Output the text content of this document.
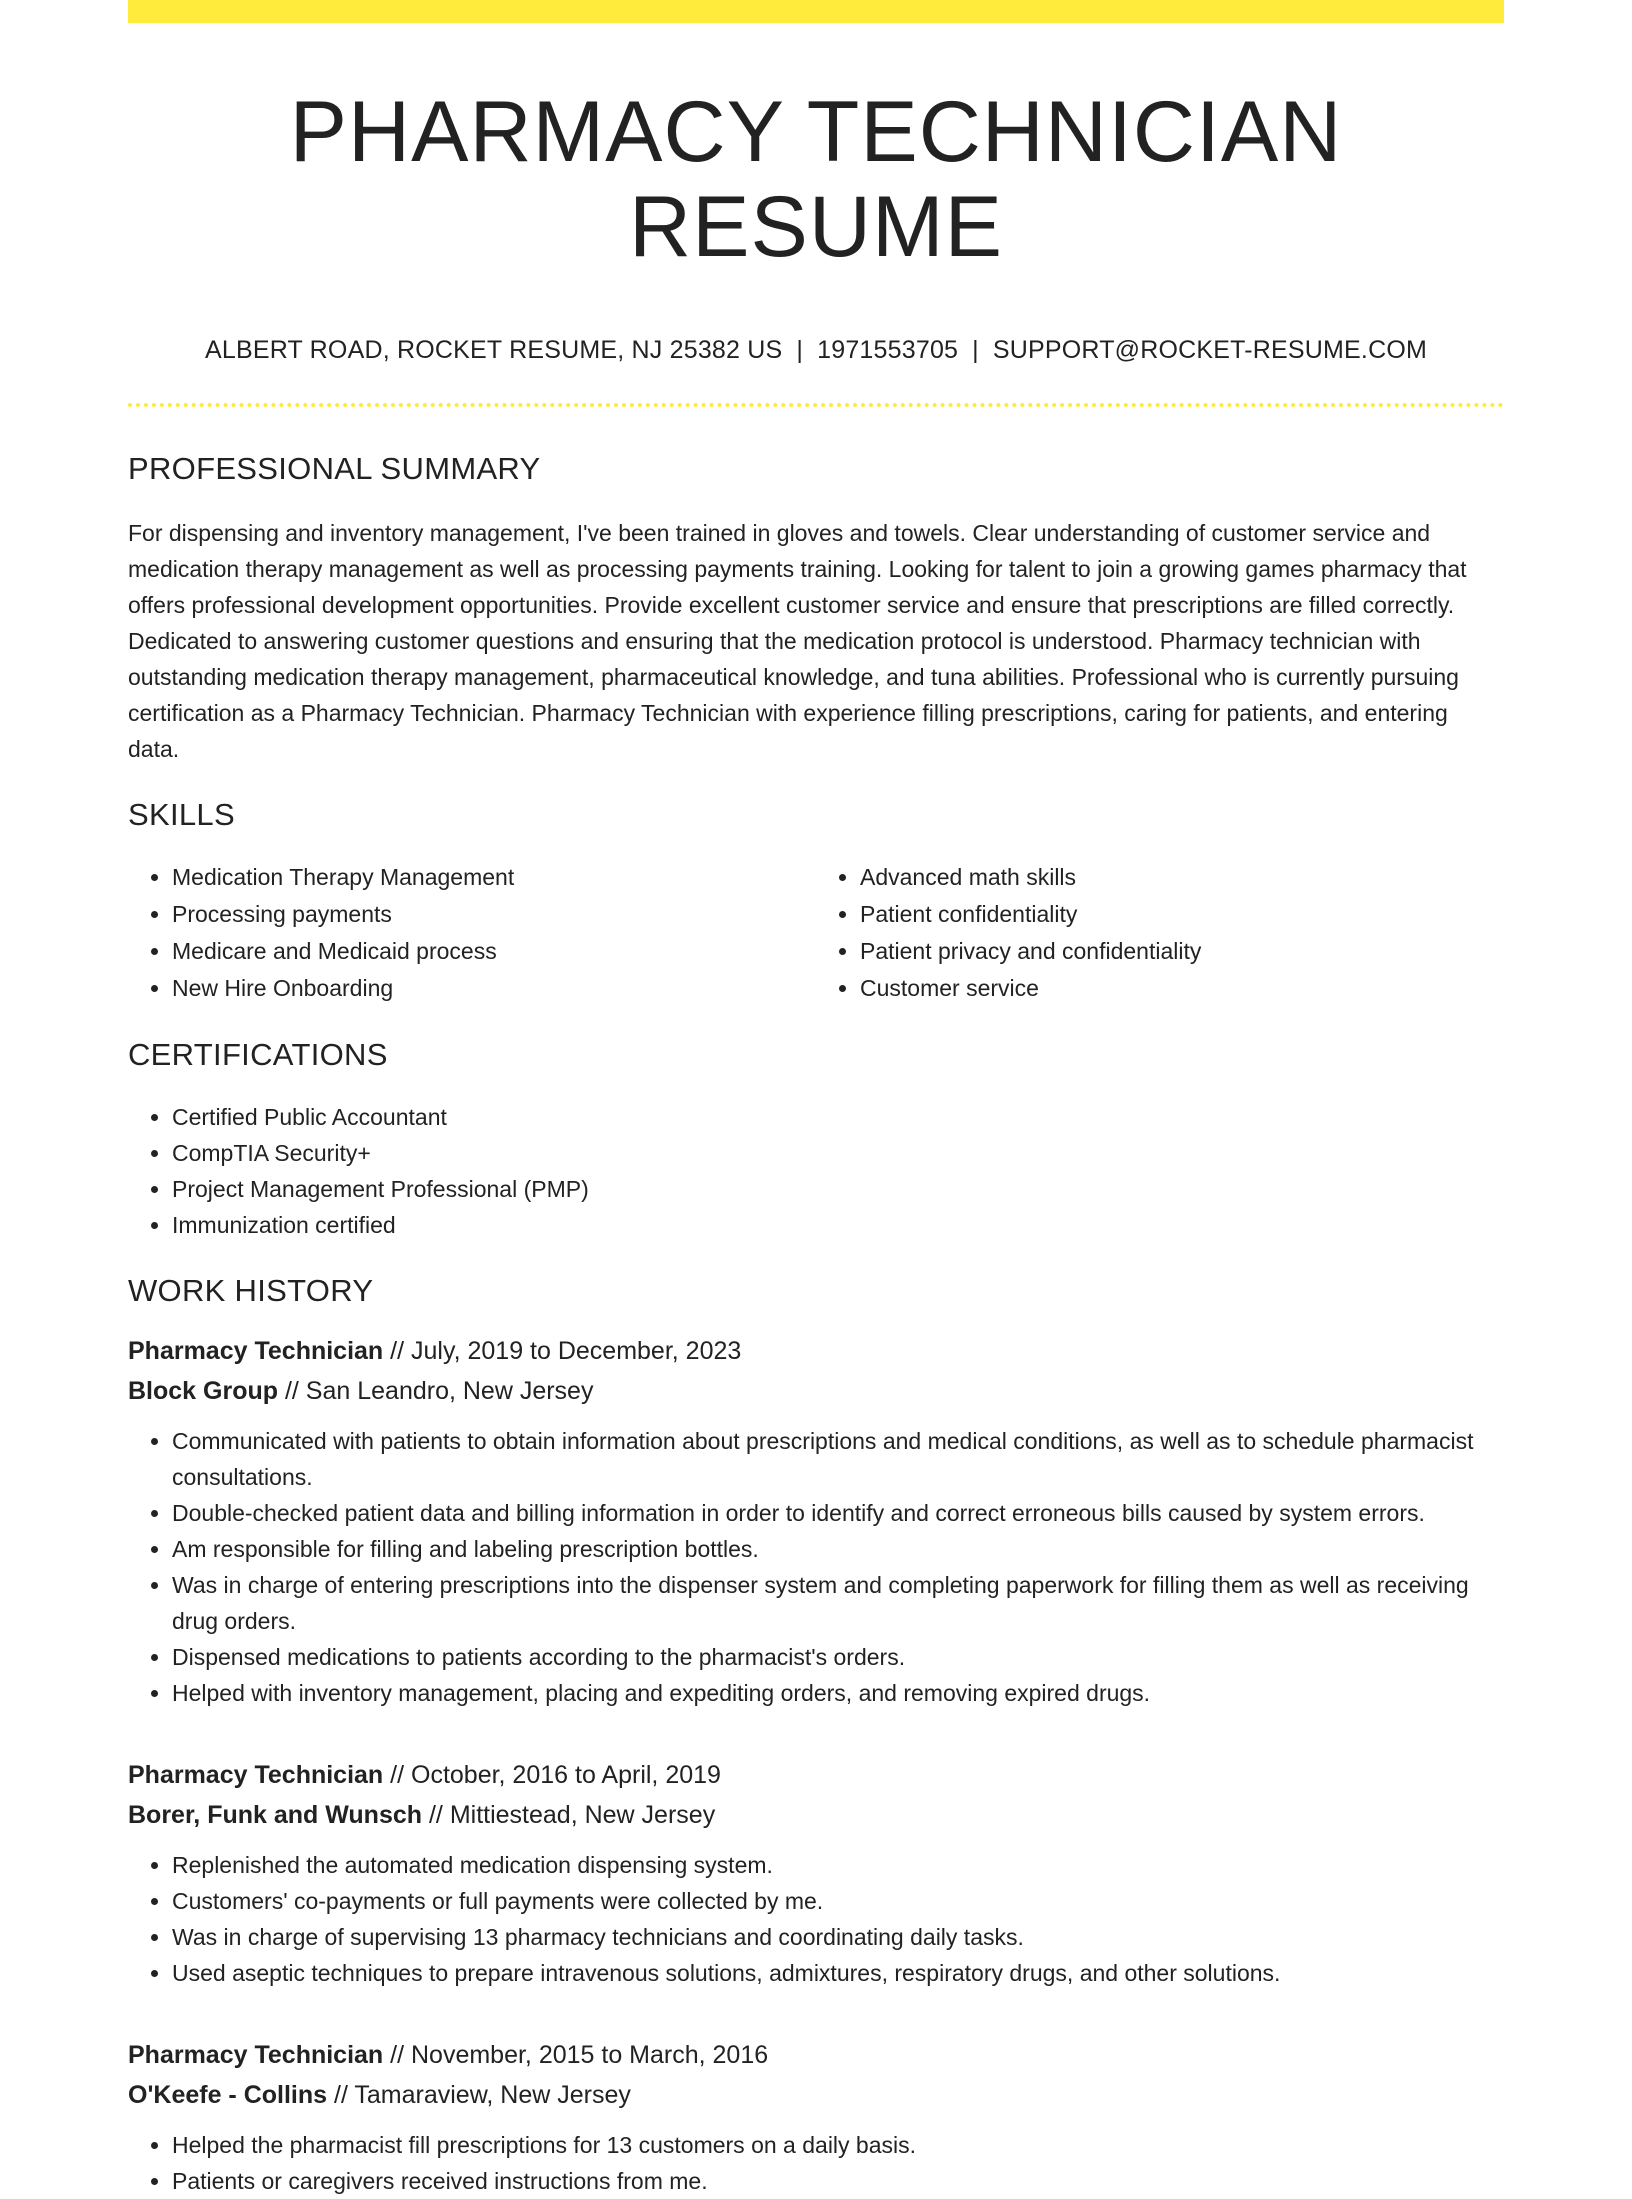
PHARMACY TECHNICIAN RESUME
ALBERT ROAD, ROCKET RESUME, NJ 25382 US | 1971553705 | SUPPORT@ROCKET-RESUME.COM
PROFESSIONAL SUMMARY

For dispensing and inventory management, I've been trained in gloves and towels. Clear understanding of customer service and medication therapy management as well as processing payments training. Looking for talent to join a growing games pharmacy that offers professional development opportunities. Provide excellent customer service and ensure that prescriptions are filled correctly. Dedicated to answering customer questions and ensuring that the medication protocol is understood. Pharmacy technician with outstanding medication therapy management, pharmaceutical knowledge, and tuna abilities. Professional who is currently pursuing certification as a Pharmacy Technician. Pharmacy Technician with experience filling prescriptions, caring for patients, and entering data.

SKILLS
• Medication Therapy Management
• Processing payments
• Medicare and Medicaid process
• New Hire Onboarding
• Advanced math skills
• Patient confidentiality
• Patient privacy and confidentiality
• Customer service
CERTIFICATIONS
• Certified Public Accountant
• CompTIA Security+
• Project Management Professional (PMP)
• Immunization certified
WORK HISTORY
Pharmacy Technician // July, 2019 to December, 2023
Block Group // San Leandro, New Jersey
• Communicated with patients to obtain information about prescriptions and medical conditions, as well as to schedule pharmacist consultations.
• Double-checked patient data and billing information in order to identify and correct erroneous bills caused by system errors.
• Am responsible for filling and labeling prescription bottles.
• Was in charge of entering prescriptions into the dispenser system and completing paperwork for filling them as well as receiving drug orders.
• Dispensed medications to patients according to the pharmacist's orders.
• Helped with inventory management, placing and expediting orders, and removing expired drugs.
Pharmacy Technician // October, 2016 to April, 2019
Borer, Funk and Wunsch // Mittiestead, New Jersey
• Replenished the automated medication dispensing system.
• Customers' co-payments or full payments were collected by me.
• Was in charge of supervising 13 pharmacy technicians and coordinating daily tasks.
• Used aseptic techniques to prepare intravenous solutions, admixtures, respiratory drugs, and other solutions.
Pharmacy Technician // November, 2015 to March, 2016
O'Keefe - Collins // Tamaraview, New Jersey
• Helped the pharmacist fill prescriptions for 13 customers on a daily basis.
• Patients or caregivers received instructions from me.
